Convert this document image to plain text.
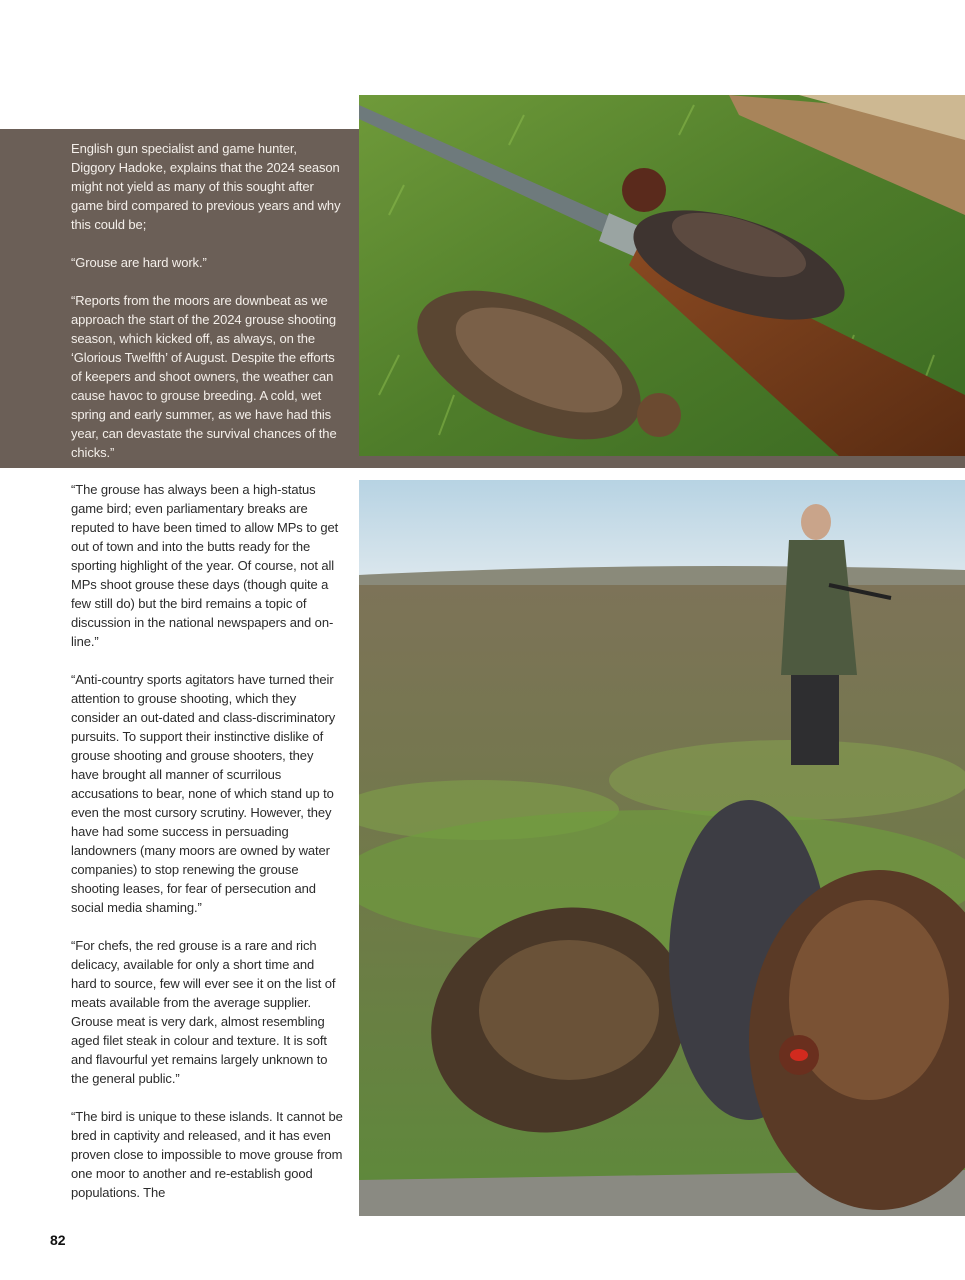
English gun specialist and game hunter, Diggory Hadoke, explains that the 2024 season might not yield as many of this sought after game bird compared to previous years and why this could be;

“Grouse are hard work.”

“Reports from the moors are downbeat as we approach the start of the 2024 grouse shooting season, which kicked off, as always, on the ‘Glorious Twelfth’ of August. Despite the efforts of keepers and shoot owners, the weather can cause havoc to grouse breeding. A cold, wet spring and early summer, as we have had this year, can devastate the survival chances of the chicks.”

“The grouse has always been a high-status game bird; even parliamentary breaks are reputed to have been timed to allow MPs to get out of town and into the butts ready for the sporting highlight of the year. Of course, not all MPs shoot grouse these days (though quite a few still do) but the bird remains a topic of discussion in the national newspapers and on-line.”

“Anti-country sports agitators have turned their attention to grouse shooting, which they consider an out-dated and class-discriminatory pursuits. To support their instinctive dislike of grouse shooting and grouse shooters, they have brought all manner of scurrilous accusations to bear, none of which stand up to even the most cursory scrutiny. However, they have had some success in persuading landowners (many moors are owned by water companies) to stop renewing the grouse shooting leases, for fear of persecution and social media shaming.”

“For chefs, the red grouse is a rare and rich delicacy, available for only a short time and hard to source, few will ever see it on the list of meats available from the average supplier. Grouse meat is very dark, almost resembling aged filet steak in colour and texture. It is soft and flavourful yet remains largely unknown to the general public.”

“The bird is unique to these islands. It cannot be bred in captivity and released, and it has even proven close to impossible to move grouse from one moor to another and re-establish good populations. The

82
